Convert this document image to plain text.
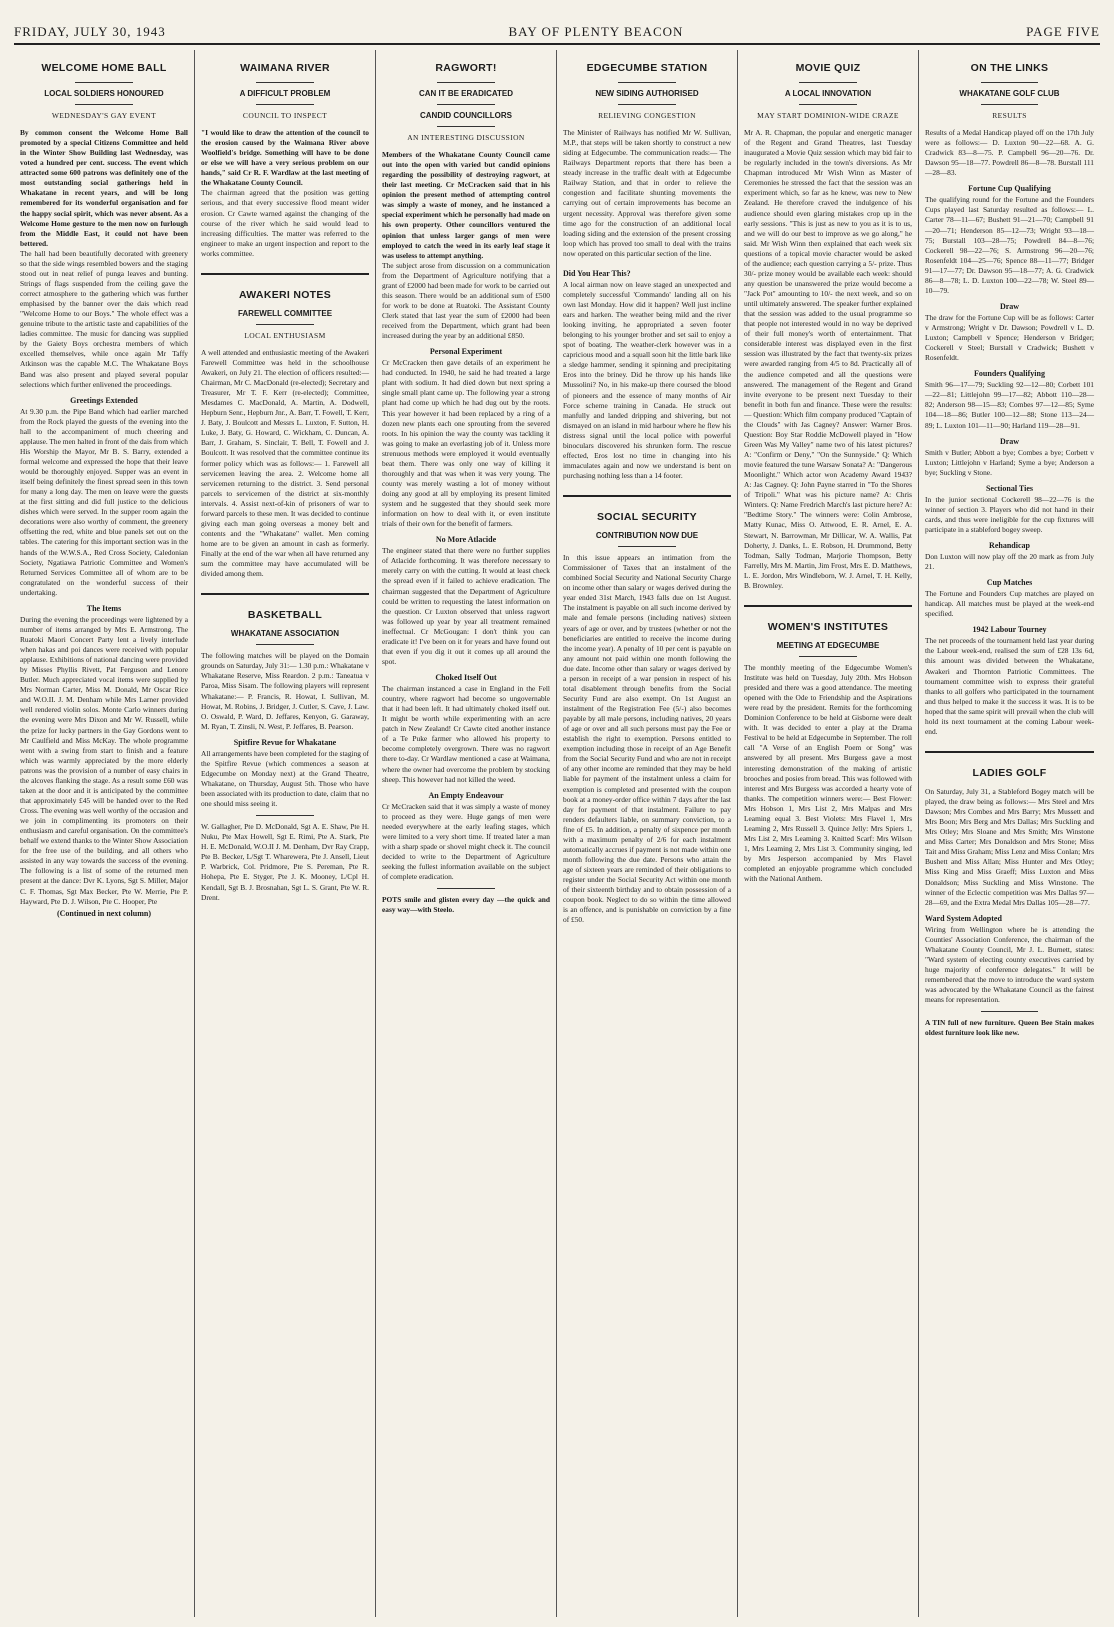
FRIDAY, JULY 30, 1943	BAY OF PLENTY BEACON	PAGE FIVE
WELCOME HOME BALL
LOCAL SOLDIERS HONOURED
WEDNESDAY'S GAY EVENT
By common consent the Welcome Home Ball promoted by a special Citizens Committee and held in the Winter Show Building last Wednesday, was voted a hundred per cent. success. The event which attracted some 600 patrons was definitely one of the most outstanding social gatherings held in Whakatane in recent years, and will be long remembered for its wonderful organisation and for the happy social spirit, which was never absent. As a Welcome Home gesture to the men now on furlough from the Middle East, it could not have been bettered.
The hall had been beautifully decorated with greenery so that the side wings resembled bowers and the staging stood out in neat relief of punga leaves and bunting. Strings of flags suspended from the ceiling gave the correct atmosphere to the gathering which was further emphasised by the banner over the dais which read "Welcome Home to our Boys." The whole effect was a genuine tribute to the artistic taste and capabilities of the ladies committee. The music for dancing was supplied by the Gaiety Boys orchestra members of which excelled themselves, while once again Mr Taffy Atkinson was the capable M.C. The Whakatane Boys Band was also present and played several popular selections which further enlivened the proceedings.
Greetings Extended
At 9.30 p.m. the Pipe Band which had earlier marched from the Rock played the guests of the evening into the hall to the accompaniment of much cheering and applause. The men halted in front of the dais from which His Worship the Mayor, Mr B. S. Barry, extended a formal welcome and expressed the hope that their leave would be thoroughly enjoyed. Supper was an event in itself being definitely the finest spread seen in this town for many a long day. The men on leave were the guests at the first sitting and did full justice to the delicious dishes which were served. In the supper room again the decorations were also worthy of comment, the greenery offsetting the red, white and blue panels set out on the tables. The catering for this important section was in the hands of the W.W.S.A., Red Cross Society, Caledonian Society, Ngatiawa Patriotic Committee and Women's Returned Services Committee all of whom are to be congratulated on the wonderful success of their undertaking.
The Items
During the evening the proceedings were lightened by a number of items arranged by Mrs E. Armstrong. The Ruatoki Maori Concert Party lent a lively interlude when hakas and poi dances were received with popular applause. Exhibitions of national dancing were provided by Misses Phyllis Rivett, Pat Ferguson and Lenore Butler. Much appreciated vocal items were supplied by Mrs Norman Carter, Miss M. Donald, Mr Oscar Rice and W.O.II. J. M. Denham while Mrs Larner provided well rendered violin solos. Monte Carlo winners during the evening were Mrs Dixon and Mr W. Russell, while the prize for lucky partners in the Gay Gordons went to Mr Caulfield and Miss McKay. The whole programme went with a swing from start to finish and a feature which was warmly appreciated by the more elderly patrons was the provision of a number of easy chairs in the alcoves flanking the stage. As a result some £60 was taken at the door and it is anticipated by the committee that approximately £45 will be handed over to the Red Cross. The evening was well worthy of the occasion and we join in complimenting its promoters on their enthusiasm and careful organisation. On the committee's behalf we extend thanks to the Winter Show Association for the free use of the building, and all others who assisted in any way towards the success of the evening. The following is a list of some of the returned men present at the dance: Dvr K. Lyons, Sgt S. Miller, Major C. F. Thomas, Sgt Max Becker, Pte W. Merrie, Pte P. Hayward, Pte D. J. Wilson, Pte C. Hooper, Pte
(Continued in next column)
WAIMANA RIVER
A DIFFICULT PROBLEM
COUNCIL TO INSPECT
"I would like to draw the attention of the council to the erosion caused by the Waimana River above Woolfield's bridge. Something will have to be done or else we will have a very serious problem on our hands," said Cr R. F. Wardlaw at the last meeting of the Whakatane County Council.
The chairman agreed that the position was getting serious, and that every successive flood meant wider erosion. Cr Cawte warned against the changing of the course of the river which he said would lead to increasing difficulties. The matter was referred to the engineer to make an urgent inspection and report to the works committee.
AWAKERI NOTES
FAREWELL COMMITTEE
LOCAL ENTHUSIASM
A well attended and enthusiastic meeting of the Awakeri Farewell Committee was held in the schoolhouse Awakeri, on July 21. The election of officers resulted:— Chairman, Mr C. MacDonald (re-elected); Secretary and Treasurer, Mr T. F. Kerr (re-elected); Committee, Mesdames C. MacDonald, A. Martin, A. Dodwell, Hepburn Senr., Hepburn Jnr., A. Barr, T. Fowell, T. Kerr, J. Baty, J. Boulcott and Messrs L. Luxton, F. Sutton, H. Luke, J. Baty, G. Howard, C. Wickham, C. Duncan, A. Barr, J. Graham, S. Sinclair, T. Bell, T. Fowell and J. Boulcott. It was resolved that the committee continue its former policy which was as follows:— 1. Farewell all servicemen leaving the area. 2. Welcome home all servicemen returning to the district. 3. Send personal parcels to servicemen of the district at six-monthly intervals. 4. Assist next-of-kin of prisoners of war to forward parcels to these men. It was decided to continue giving each man going overseas a money belt and contents and the "Whakatane" wallet. Men coming home are to be given an amount in cash as formerly. Finally at the end of the war when all have returned any sum the committee may have accumulated will be divided among them.
BASKETBALL
WHAKATANE ASSOCIATION
The following matches will be played on the Domain grounds on Saturday, July 31:— 1.30 p.m.: Whakatane v Whakatane Reserve, Miss Reardon. 2 p.m.: Taneatua v Paroa, Miss Sisam. The following players will represent Whakatane:— P. Francis, R. Howat, I. Sullivan, M. Howat, M. Robins, J. Bridger, J. Cutler, S. Cave, J. Law. O. Oswald, P. Ward, D. Jeffares, Kenyon, G. Garaway, M. Ryan, T. Zinsli, N. West, P. Jeffares, B. Pearson.
Spitfire Revue for Whakatane
All arrangements have been completed for the staging of the Spitfire Revue (which commences a season at Edgecumbe on Monday next) at the Grand Theatre, Whakatane, on Thursday, August 5th. Those who have been associated with its production to date, claim that no one should miss seeing it.
W. Gallagher, Pte D. McDonald, Sgt A. E. Shaw, Pte H. Nuku, Pte Max Howell, Sgt E. Rimi, Pte A. Stark, Pte H. E. McDonald, W.O.II J. M. Denham, Dvr Ray Crapp, Pte B. Becker, L/Sgt T. Wharewera, Pte J. Ansell, Lieut P. Warbrick, Col. Pridmore, Pte S. Pereman, Pte R. Hohepa, Pte E. Styger, Pte J. K. Mooney, L/Cpl H. Kendall, Sgt B. J. Brosnahan, Sgt L. S. Grant, Pte W. R. Drent.
RAGWORT!
CAN IT BE ERADICATED
CANDID COUNCILLORS
AN INTERESTING DISCUSSION
Members of the Whakatane County Council came out into the open with varied but candid opinions regarding the possibility of destroying ragwort, at their last meeting. Cr McCracken said that in his opinion the present method of attempting control was simply a waste of money, and he instanced a special experiment which he personally had made on his own property. Other councillors ventured the opinion that unless larger gangs of men were employed to catch the weed in its early leaf stage it was useless to attempt anything.
The subject arose from discussion on a communication from the Department of Agriculture notifying that a grant of £2000 had been made for work to be carried out this season. There would be an additional sum of £500 for work to be done at Ruatoki. The Assistant County Clerk stated that last year the sum of £2000 had been received from the Department, which grant had been increased during the year by an additional £850.
Personal Experiment
Cr McCracken then gave details of an experiment he had conducted. In 1940, he said he had treated a large plant with sodium. It had died down but next spring a single small plant came up. The following year a strong plant had come up which he had dug out by the roots. This year however it had been replaced by a ring of a dozen new plants each one sprouting from the severed roots. In his opinion the way the county was tackling it was going to make an everlasting job of it. Unless more strenuous methods were employed it would eventually beat them. There was only one way of killing it thoroughly and that was when it was very young. The county was merely wasting a lot of money without doing any good at all by employing its present limited system and he suggested that they should seek more information on how to deal with it, or even institute trials of their own for the benefit of farmers.
No More Atlacide
The engineer stated that there were no further supplies of Atlacide forthcoming. It was therefore necessary to merely carry on with the cutting. It would at least check the spread even if it failed to achieve eradication. The chairman suggested that the Department of Agriculture could be written to requesting the latest information on the question. Cr Luxton observed that unless ragwort was followed up year by year all treatment remained ineffectual. Cr McGougan: I don't think you can eradicate it! I've been on it for years and have found out that even if you dig it out it comes up all around the spot.
Choked Itself Out
The chairman instanced a case in England in the Fell country, where ragwort had become so ungovernable that it had been left. It had ultimately choked itself out. It might be worth while experimenting with an acre patch in New Zealand! Cr Cawte cited another instance of a Te Puke farmer who allowed his property to become completely overgrown. There was no ragwort there to-day. Cr Wardlaw mentioned a case at Waimana, where the owner had overcome the problem by stocking sheep. This however had not killed the weed.
An Empty Endeavour
Cr McCracken said that it was simply a waste of money to proceed as they were. Huge gangs of men were needed everywhere at the early leafing stages, which were limited to a very short time. If treated later a man with a sharp spade or shovel might check it. The council decided to write to the Department of Agriculture seeking the fullest information available on the subject of complete eradication.
POTS smile and glisten every day —the quick and easy way—with Steelo.
EDGECUMBE STATION
NEW SIDING AUTHORISED
RELIEVING CONGESTION
The Minister of Railways has notified Mr W. Sullivan, M.P., that steps will be taken shortly to construct a new siding at Edgecumbe. The communication reads:— The Railways Department reports that there has been a steady increase in the traffic dealt with at Edgecumbe Railway Station, and that in order to relieve the congestion and facilitate shunting movements the carrying out of certain improvements has become an urgent necessity. Approval was therefore given some time ago for the construction of an additional local loading siding and the extension of the present crossing loop which has proved too small to deal with the trains now operated on this particular section of the line.
Did You Hear This?
A local airman now on leave staged an unexpected and completely successful 'Commando' landing all on his own last Monday. How did it happen? Well just incline ears and harken. The weather being mild and the river looking inviting, he appropriated a seven footer belonging to his younger brother and set sail to enjoy a spot of boating. The weather-clerk however was in a capricious mood and a squall soon hit the little bark like a sledge hammer, sending it spinning and precipitating Eros into the briney. Did he throw up his hands like Mussolini? No, in his make-up there coursed the blood of pioneers and the essence of many months of Air Force scheme training in Canada. He struck out manfully and landed dripping and shivering, but not dismayed on an island in mid harbour where he flew his distress signal until the local police with powerful binoculars discovered his shrunken form. The rescue effected, Eros lost no time in changing into his immaculates again and now we understand is bent on purchasing nothing less than a 14 footer.
SOCIAL SECURITY
CONTRIBUTION NOW DUE
In this issue appears an intimation from the Commissioner of Taxes that an instalment of the combined Social Security and National Security Charge on income other than salary or wages derived during the year ended 31st March, 1943 falls due on 1st August. The instalment is payable on all such income derived by male and female persons (including natives) sixteen years of age or over, and by trustees (whether or not the beneficiaries are entitled to receive the income during the income year). A penalty of 10 per cent is payable on any amount not paid within one month following the due date. Income other than salary or wages derived by a person in receipt of a war pension in respect of his total disablement through benefits from the Social Security Fund are also exempt. On 1st August an instalment of the Registration Fee (5/-) also becomes payable by all male persons, including natives, 20 years of age or over and all such persons must pay the Fee or establish the right to exemption. Persons entitled to exemption including those in receipt of an Age Benefit from the Social Security Fund and who are not in receipt of any other income are reminded that they may be held liable for payment of the instalment unless a claim for exemption is completed and presented with the coupon book at a money-order office within 7 days after the last day for payment of that instalment. Failure to pay renders defaulters liable, on summary conviction, to a fine of £5. In addition, a penalty of sixpence per month with a maximum penalty of 2/6 for each instalment automatically accrues if payment is not made within one month following the due date. Persons who attain the age of sixteen years are reminded of their obligations to register under the Social Security Act within one month of their sixteenth birthday and to obtain possession of a coupon book. Neglect to do so within the time allowed is an offence, and is punishable on conviction by a fine of £50.
MOVIE QUIZ
A LOCAL INNOVATION
MAY START DOMINION-WIDE CRAZE
Mr A. R. Chapman, the popular and energetic manager of the Regent and Grand Theatres, last Tuesday inaugurated a Movie Quiz session which may bid fair to be regularly included in the town's diversions. As Mr Chapman introduced Mr Wish Winn as Master of Ceremonies he stressed the fact that the session was an experiment which, so far as he knew, was new to New Zealand. He therefore craved the indulgence of his audience should even glaring mistakes crop up in the early sessions. "This is just as new to you as it is to us, and we will do our best to improve as we go along," he said. Mr Wish Winn then explained that each week six questions of a topical movie character would be asked of the audience; each question carrying a 5/- prize. Thus 30/- prize money would be available each week: should any question be unanswered the prize would become a "Jack Pot" amounting to 10/- the next week, and so on until ultimately answered. The speaker further explained that the session was added to the usual programme so that people not interested would in no way be deprived of their full money's worth of entertainment. That considerable interest was displayed even in the first session was illustrated by the fact that twenty-six prizes were awarded ranging from 4/5 to 8d. Practically all of the audience competed and all the questions were answered. The management of the Regent and Grand invite everyone to be present next Tuesday to their benefit in both fun and finance. These were the results:— Question: Which film company produced "Captain of the Clouds" with Jas Cagney? Answer: Warner Bros. Question: Boy Star Roddie McDowell played in "How Green Was My Valley" name two of his latest pictures? A: "Confirm or Deny," "On the Sunnyside." Q: Which movie featured the tune Warsaw Sonata? A: "Dangerous Moonlight." Which actor won Academy Award 1943? A: Jas Cagney. Q: John Payne starred in "To the Shores of Tripoli." What was his picture name? A: Chris Winters. Q: Name Fredrich March's last picture here? A: "Bedtime Story." The winners were: Colin Ambrose, Matty Kunac, Miss O. Attwood, E. R. Arnel, E. A. Stewart, N. Barrowman, Mr Dillicar, W. A. Wallis, Pat Doherty, J. Danks, L. E. Robson, H. Drummond, Betty Todman, Sally Todman, Marjorie Thompson, Betty Farrelly, Mrs M. Martin, Jim Frost, Mrs E. D. Matthews, L. E. Jordon, Mrs Windleborn, W. J. Arnel, T. H. Kelly, B. Brownley.
WOMEN'S INSTITUTES
MEETING AT EDGECUMBE
The monthly meeting of the Edgecumbe Women's Institute was held on Tuesday, July 20th. Mrs Hobson presided and there was a good attendance. The meeting opened with the Ode to Friendship and the Aspirations were read by the president. Remits for the forthcoming Dominion Conference to be held at Gisborne were dealt with. It was decided to enter a play at the Drama Festival to be held at Edgecumbe in September. The roll call "A Verse of an English Poem or Song" was answered by all present. Mrs Burgess gave a most interesting demonstration of the making of artistic brooches and posies from bread. This was followed with interest and Mrs Burgess was accorded a hearty vote of thanks. The competition winners were:— Best Flower: Mrs Hobson 1, Mrs List 2, Mrs Malpas and Mrs Leaming equal 3. Best Violets: Mrs Flavel 1, Mrs Leaming 2, Mrs Russell 3. Quince Jelly: Mrs Spiers 1, Mrs List 2, Mrs Leaming 3. Knitted Scarf: Mrs Wilson 1, Mrs Leaming 2, Mrs List 3. Community singing, led by Mrs Jesperson accompanied by Mrs Flavel completed an enjoyable programme which concluded with the National Anthem.
ON THE LINKS
WHAKATANE GOLF CLUB
RESULTS
Results of a Medal Handicap played off on the 17th July were as follows:— D. Luxton 90—22—68. A. G. Cradwick 83—8—75. P. Campbell 96—20—76. Dr. Dawson 95—18—77. Powdrell 86—8—78. Burstall 111—28—83.
Fortune Cup Qualifying
The qualifying round for the Fortune and the Founders Cups played last Saturday resulted as follows:— L. Carter 78—11—67; Bushett 91—21—70; Campbell 91—20—71; Henderson 85—12—73; Wright 93—18—75; Burstall 103—28—75; Powdrell 84—8—76; Cockerell 98—22—76; S. Armstrong 96—20—76; Rosenfeldt 104—25—76; Spence 88—11—77; Bridger 91—17—77; Dr. Dawson 95—18—77; A. G. Cradwick 86—8—78; L. D. Luxton 100—22—78; W. Steel 89—10—79.
Draw
The draw for the Fortune Cup will be as follows: Carter v Armstrong; Wright v Dr. Dawson; Powdrell v L. D. Luxton; Campbell v Spence; Henderson v Bridger; Cockerell v Steel; Burstall v Cradwick; Bushett v Rosenfeldt.
Founders Qualifying
Smith 96—17—79; Suckling 92—12—80; Corbett 101—22—81; Littlejohn 99—17—82; Abbott 110—28—82; Anderson 98—15—83; Combes 97—12—85; Syme 104—18—86; Butler 100—12—88; Stone 113—24—89; L. Luxton 101—11—90; Harland 119—28—91.
Draw
Smith v Butler; Abbott a bye; Combes a bye; Corbett v Luxton; Littlejohn v Harland; Syme a bye; Anderson a bye; Suckling v Stone.
Sectional Ties
In the junior sectional Cockerell 98—22—76 is the winner of section 3. Players who did not hand in their cards, and thus were ineligible for the cup fixtures will participate in a stableford bogey sweep.
Rehandicap
Don Luxton will now play off the 20 mark as from July 21.
Cup Matches
The Fortune and Founders Cup matches are played on handicap. All matches must be played at the week-end specified.
1942 Labour Tourney
The net proceeds of the tournament held last year during the Labour week-end, realised the sum of £28 13s 6d, this amount was divided between the Whakatane, Awakeri and Thornton Patriotic Committees. The tournament committee wish to express their grateful thanks to all golfers who participated in the tournament and thus helped to make it the success it was. It is to be hoped that the same spirit will prevail when the club will hold its next tournament at the coming Labour week-end.
LADIES GOLF
On Saturday, July 31, a Stableford Bogey match will be played, the draw being as follows:— Mrs Steel and Mrs Dawson; Mrs Combes and Mrs Barry; Mrs Mussett and Mrs Boon; Mrs Berg and Mrs Dallas; Mrs Suckling and Mrs Otley; Mrs Sloane and Mrs Smith; Mrs Winstone and Miss Carter; Mrs Donaldson and Mrs Stone; Miss Tait and Miss Graham; Miss Lenz and Miss Conlan; Mrs Bushett and Miss Allan; Miss Hunter and Mrs Otley; Miss King and Miss Graeff; Miss Luxton and Miss Donaldson; Miss Suckling and Miss Winstone. The winner of the Eclectic competition was Mrs Dallas 97—28—69, and the Extra Medal Mrs Dallas 105—28—77.
Ward System Adopted
Wiring from Wellington where he is attending the Counties' Association Conference, the chairman of the Whakatane County Council, Mr J. L. Burnett, states: "Ward system of electing county executives carried by huge majority of conference delegates." It will be remembered that the move to introduce the ward system was advocated by the Whakatane Council as the fairest means for representation.
A TIN full of new furniture. Queen Bee Stain makes oldest furniture look like new.
